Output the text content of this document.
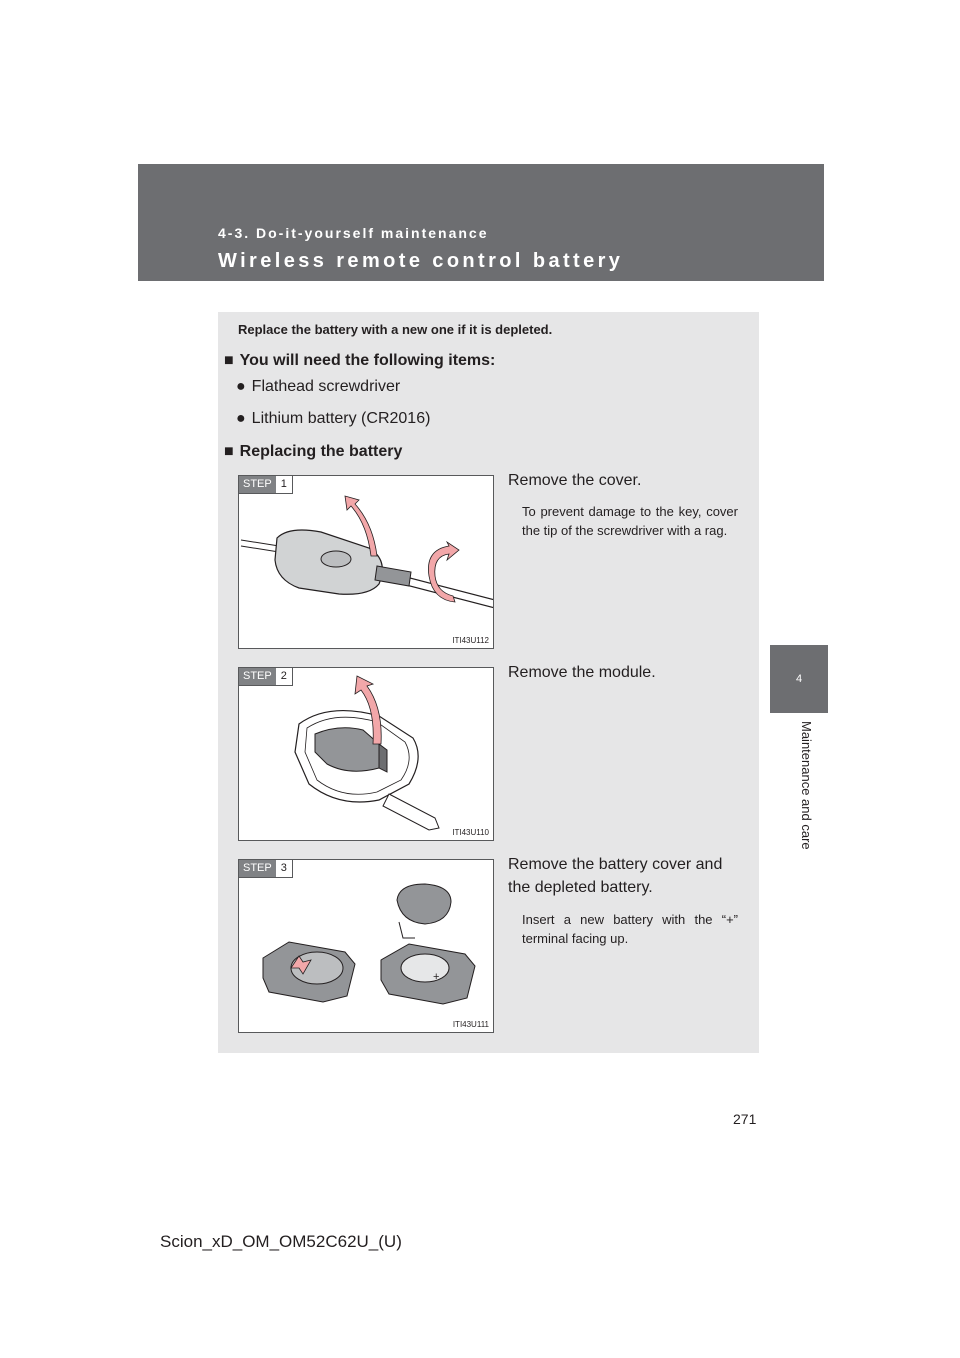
4-3. Do-it-yourself maintenance
Wireless remote control battery
4
Maintenance and care
Replace the battery with a new one if it is depleted.
■ You will need the following items:
● Flathead screwdriver
● Lithium battery (CR2016)
■ Replacing the battery
STEP 1
ITI43U112
Remove the cover.
To prevent damage to the key, cover the tip of the screwdriver with a rag.
STEP 2
ITI43U110
Remove the module.
+
STEP 3
ITI43U111
Remove the battery cover and the depleted battery.
Insert a new battery with the “+” terminal facing up.
271
Scion_xD_OM_OM52C62U_(U)
